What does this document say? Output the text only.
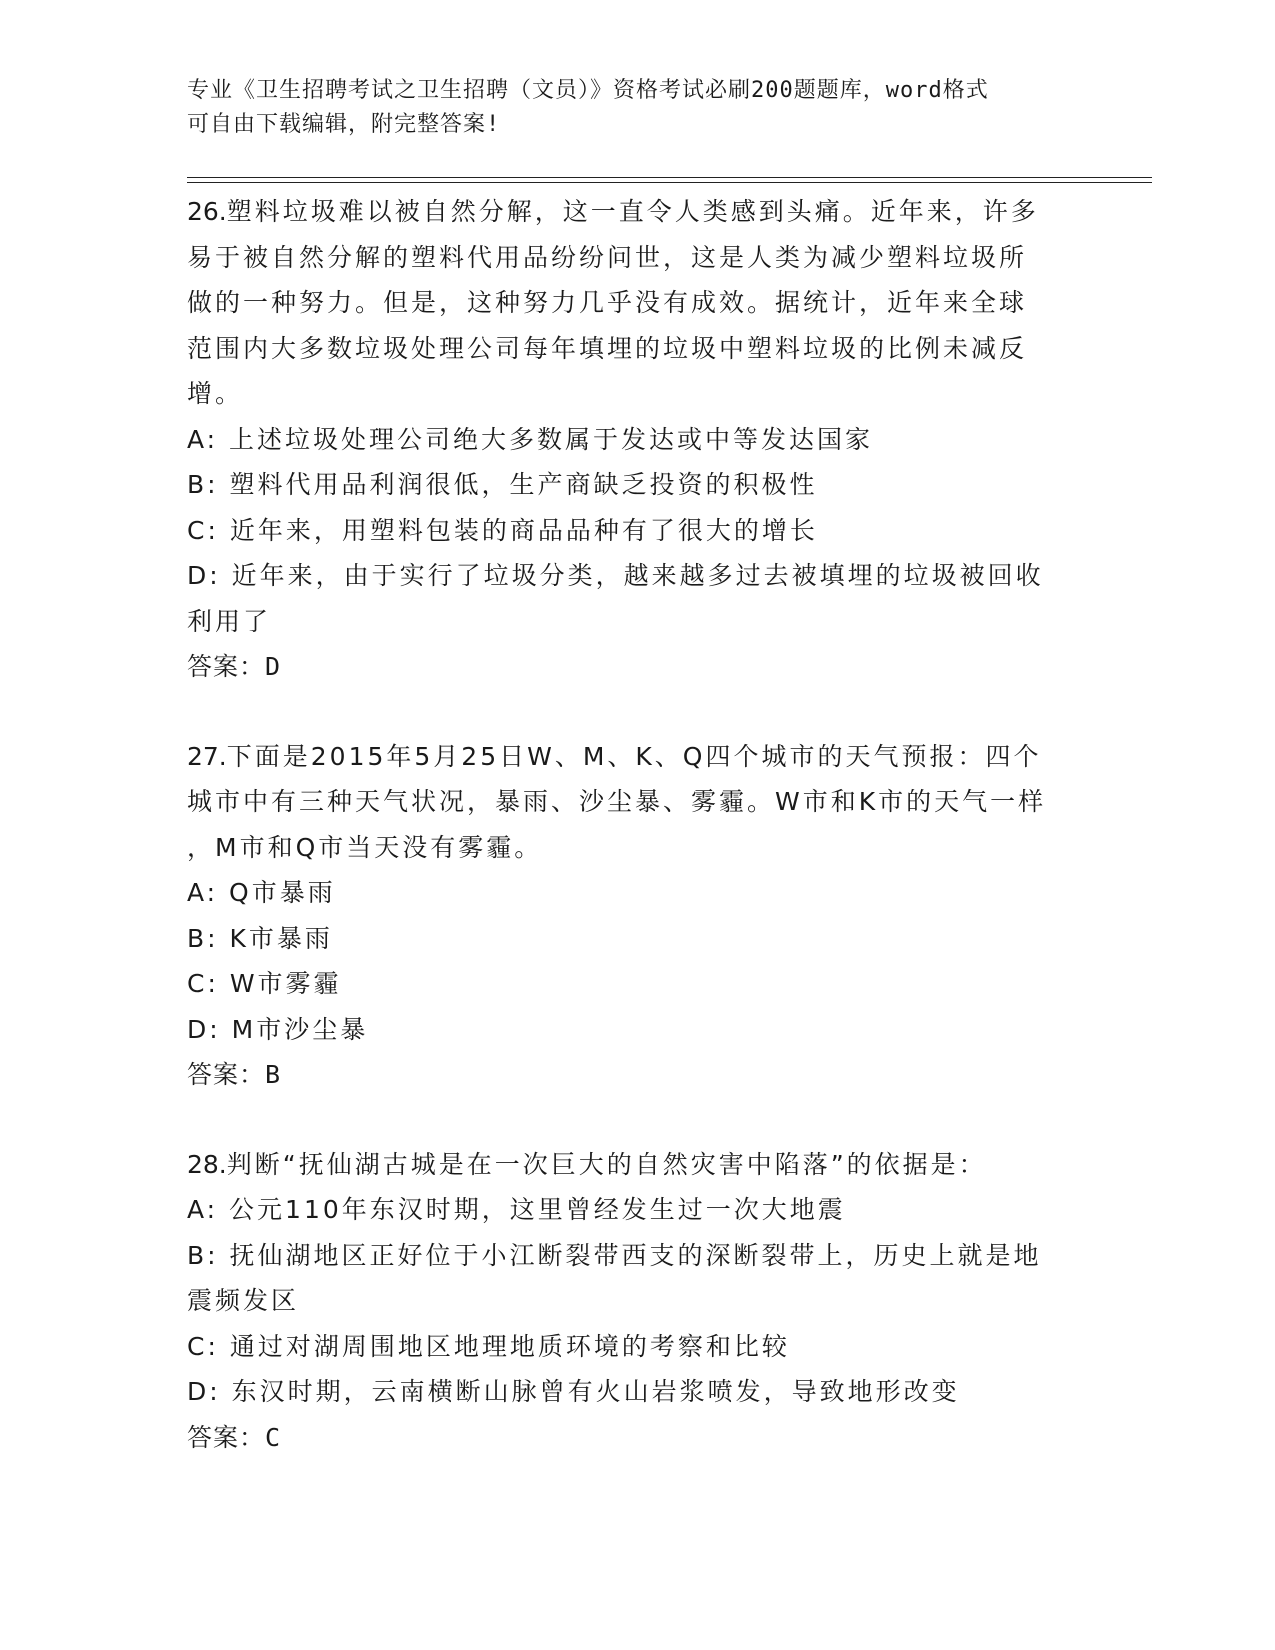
专业《卫生招聘考试之卫生招聘（文员）》资格考试必刷200题题库，word格式
可自由下载编辑，附完整答案!

26.塑料垃圾难以被自然分解，这一直令人类感到头痛。近年来，许多

易于被自然分解的塑料代用品纷纷问世，这是人类为减少塑料垃圾所

做的一种努力。但是，这种努力几乎没有成效。据统计，近年来全球

范围内大多数垃圾处理公司每年填埋的垃圾中塑料垃圾的比例未减反

增。

A: 上述垃圾处理公司绝大多数属于发达或中等发达国家

B: 塑料代用品利润很低，生产商缺乏投资的积极性

C: 近年来，用塑料包装的商品品种有了很大的增长

D: 近年来，由于实行了垃圾分类，越来越多过去被填埋的垃圾被回收

利用了

答案：D

27.下面是2015年5月25日W、M、K、Q四个城市的天气预报：四个

城市中有三种天气状况，暴雨、沙尘暴、雾霾。W市和K市的天气一样

，M市和Q市当天没有雾霾。

A: Q市暴雨

B: K市暴雨

C: W市雾霾

D: M市沙尘暴

答案：B

28.判断“抚仙湖古城是在一次巨大的自然灾害中陷落”的依据是：

A: 公元110年东汉时期，这里曾经发生过一次大地震

B: 抚仙湖地区正好位于小江断裂带西支的深断裂带上，历史上就是地

震频发区

C: 通过对湖周围地区地理地质环境的考察和比较

D: 东汉时期，云南横断山脉曾有火山岩浆喷发，导致地形改变

答案：C
